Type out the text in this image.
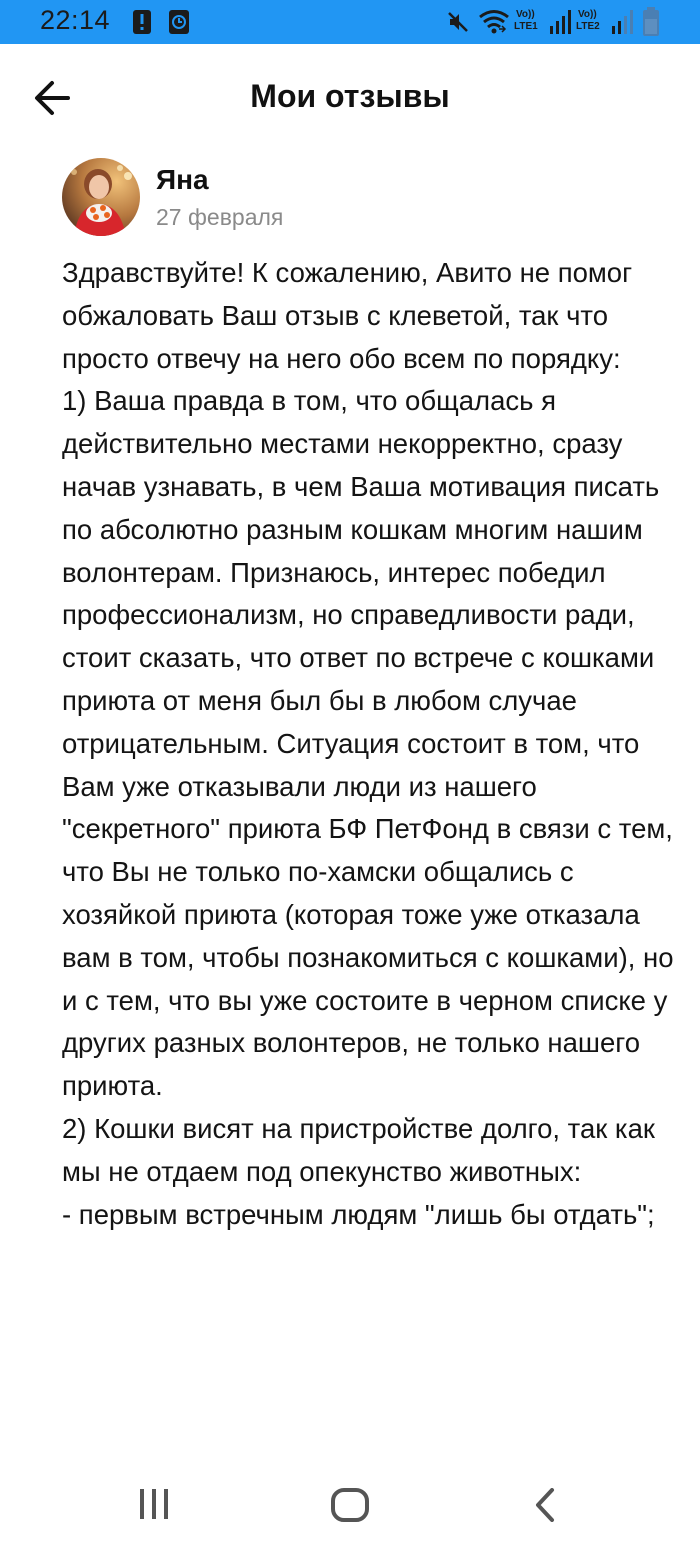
22:14	Vo))
LTE1
Vo))
LTE2
Мои отзывы
Яна
27 февраля

Здравствуйте! К сожалению, Авито не помог обжаловать Ваш отзыв с клеветой, так что просто отвечу на него обо всем по порядку:

1) Ваша правда в том, что общалась я действительно местами некорректно, сразу начав узнавать, в чем Ваша мотивация писать по абсолютно разным кошкам многим нашим волонтерам. Признаюсь, интерес победил профессионализм, но справедливости ради, стоит сказать, что ответ по встрече с кошками приюта от меня был бы в любом случае отрицательным. Ситуация состоит в том, что Вам уже отказывали люди из нашего "секретного" приюта БФ ПетФонд в связи с тем, что Вы не только по-хамски общались с хозяйкой приюта (которая тоже уже отказала вам в том, чтобы познакомиться с кошками), но и с тем, что вы уже состоите в черном списке у других разных волонтеров, не только нашего приюта.

2) Кошки висят на пристройстве долго, так как мы не отдаем под опекунство животных:

- первым встречным людям "лишь бы отдать";
